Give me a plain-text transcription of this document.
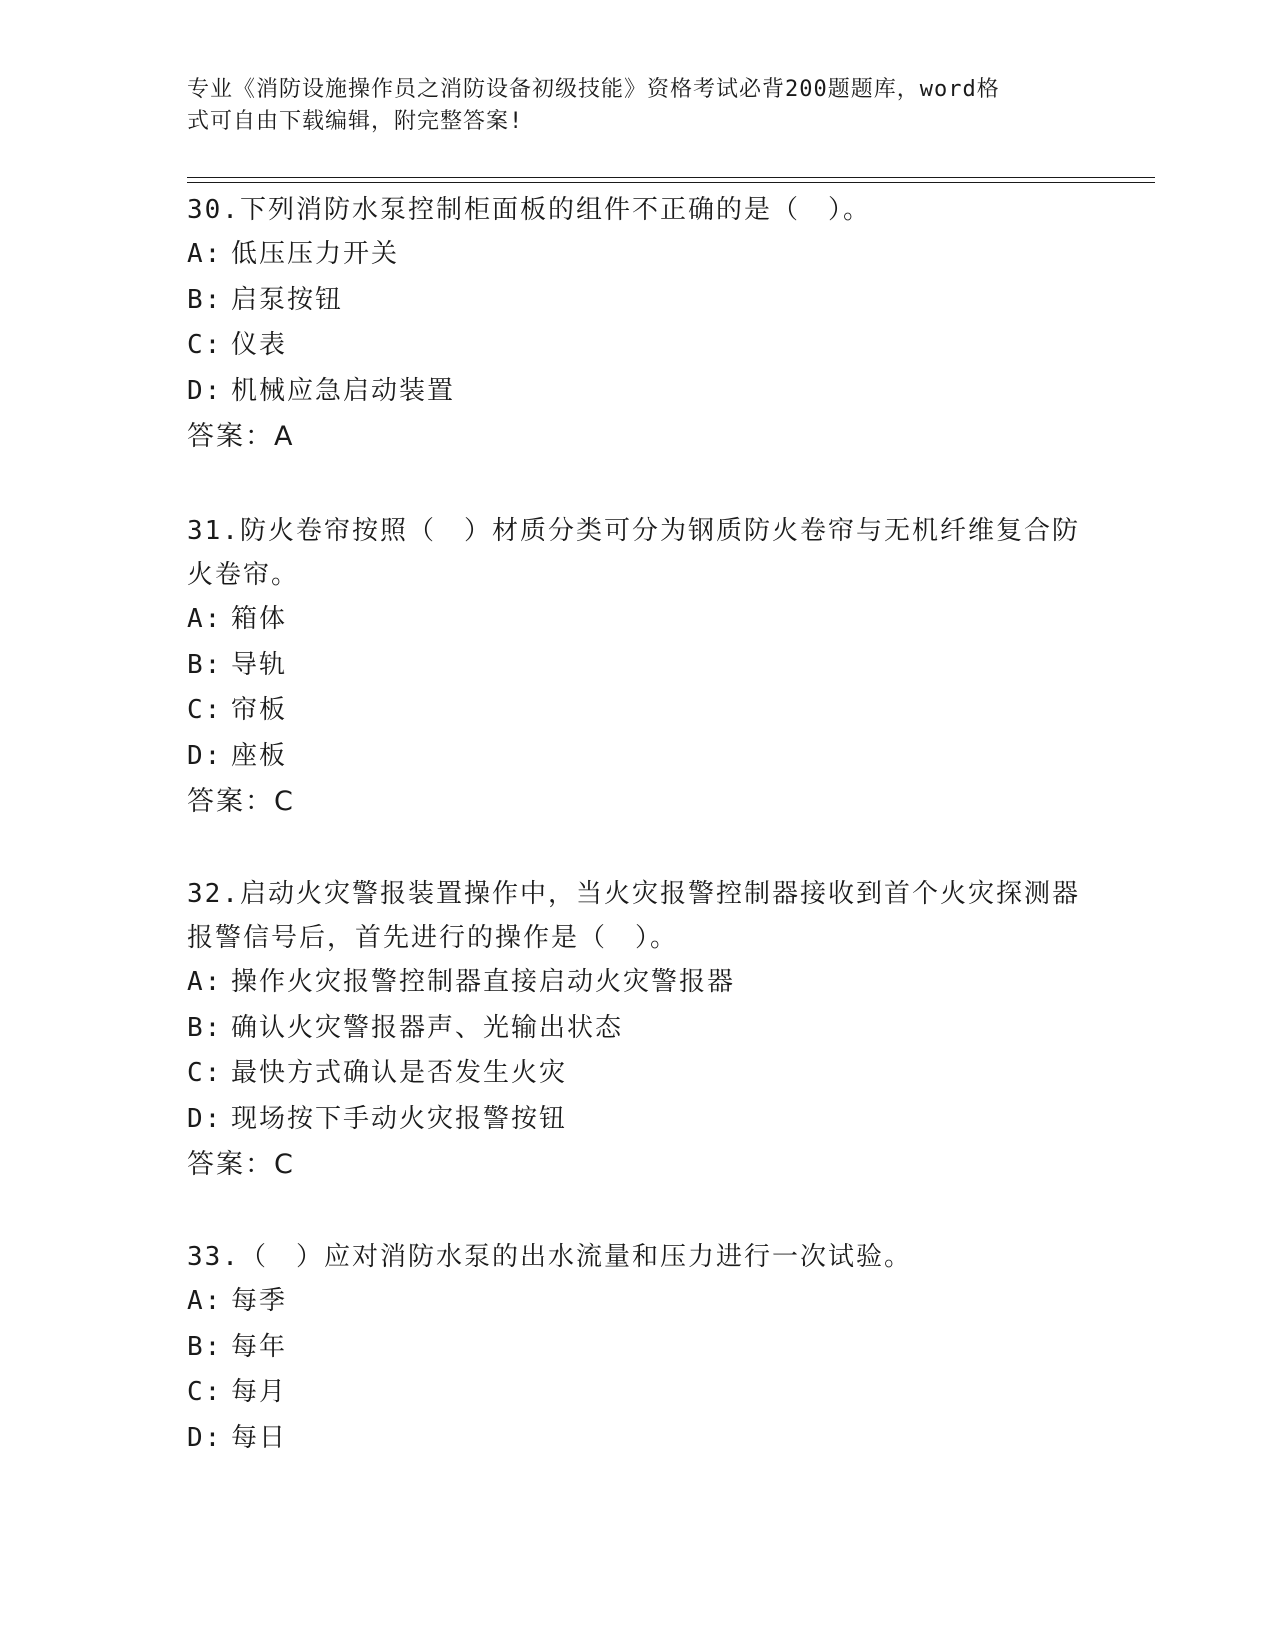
专业《消防设施操作员之消防设备初级技能》资格考试必背200题题库，word格
式可自由下载编辑，附完整答案!

30.下列消防水泵控制柜面板的组件不正确的是（　）。

A: 低压压力开关

B: 启泵按钮

C: 仪表

D: 机械应急启动装置

答案：A

31.防火卷帘按照（　）材质分类可分为钢质防火卷帘与无机纤维复合防火卷帘。

A: 箱体

B: 导轨

C: 帘板

D: 座板

答案：C

32.启动火灾警报装置操作中，当火灾报警控制器接收到首个火灾探测器报警信号后，首先进行的操作是（　）。

A: 操作火灾报警控制器直接启动火灾警报器

B: 确认火灾警报器声、光输出状态

C: 最快方式确认是否发生火灾

D: 现场按下手动火灾报警按钮

答案：C

33.（　）应对消防水泵的出水流量和压力进行一次试验。

A: 每季

B: 每年

C: 每月

D: 每日
